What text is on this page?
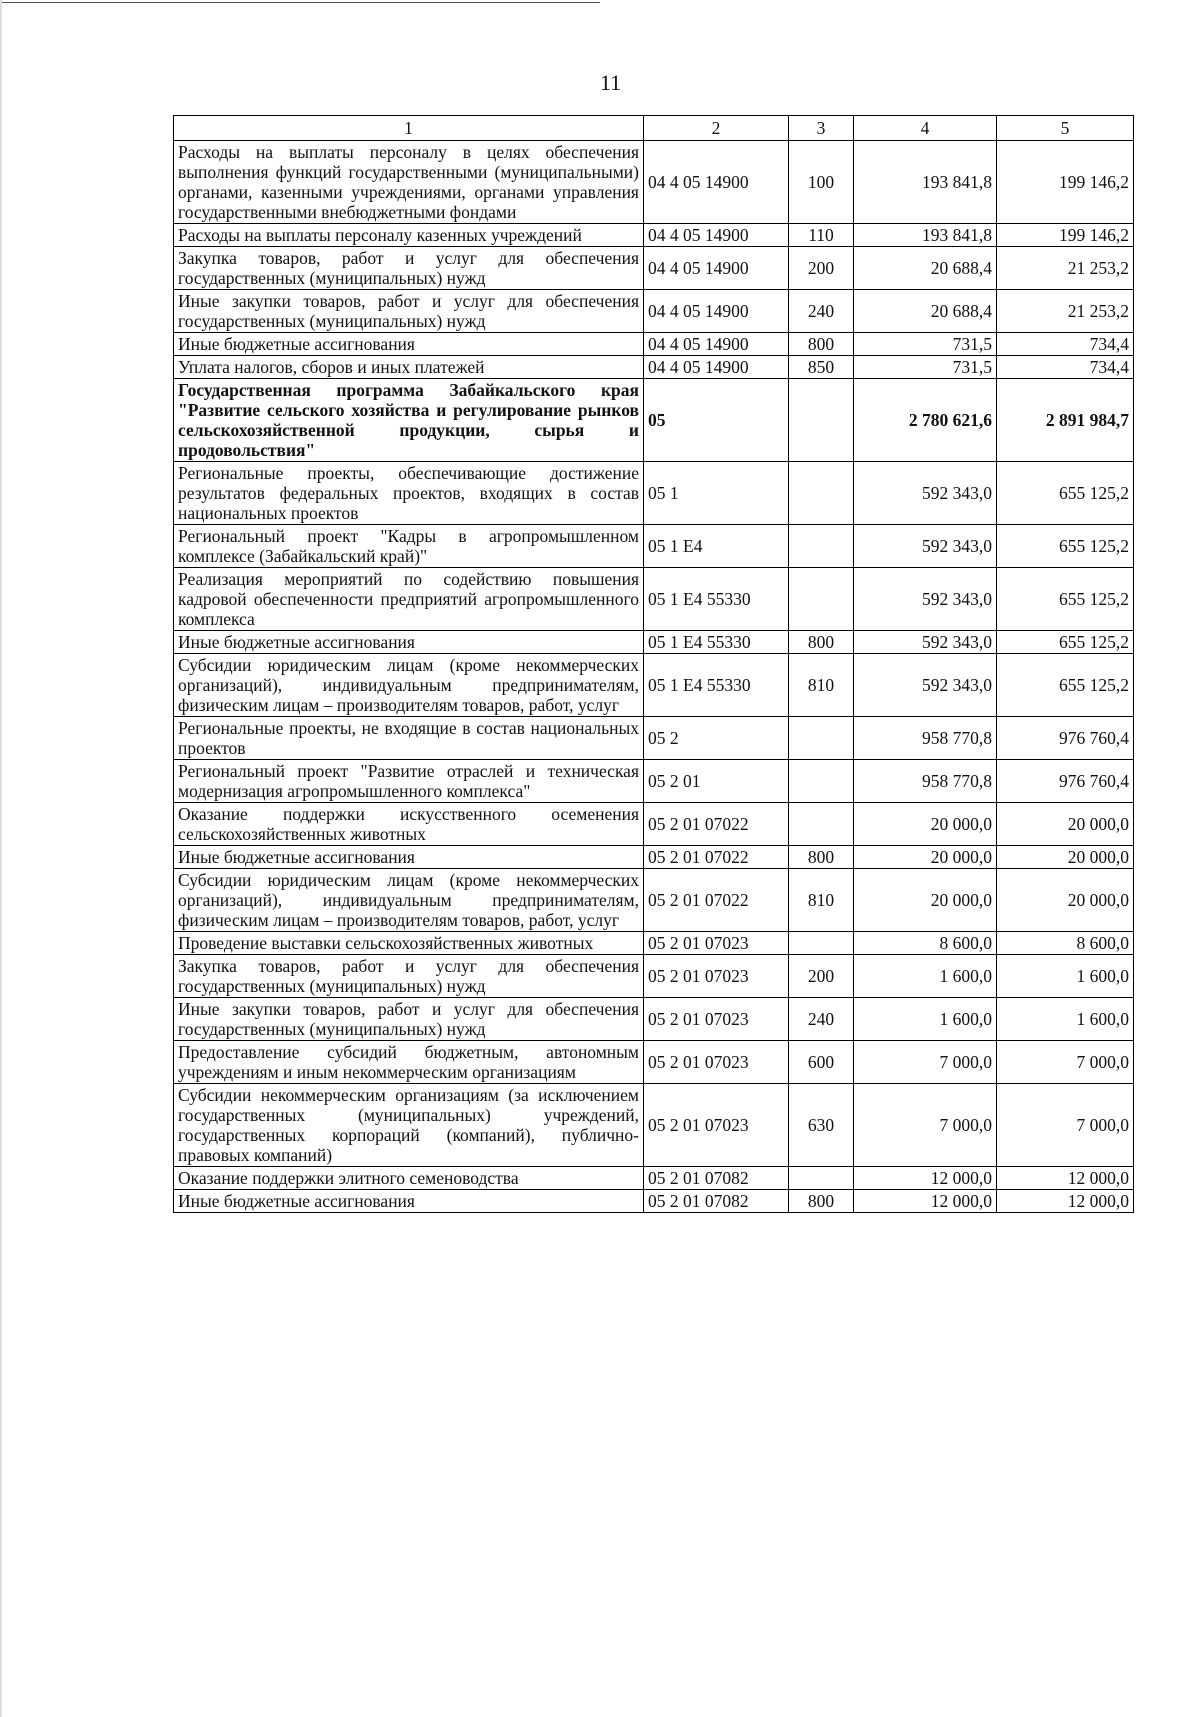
11
1	2	3	4	5
Расходы на выплаты персоналу в целях обеспечения выполнения функций государственными (муниципальными) органами, казенными учреждениями, органами управления государственными внебюджетными фондами	04 4 05 14900	100	193 841,8	199 146,2
Расходы на выплаты персоналу казенных учреждений	04 4 05 14900	110	193 841,8	199 146,2
Закупка товаров, работ и услуг для обеспечения государственных (муниципальных) нужд	04 4 05 14900	200	20 688,4	21 253,2
Иные закупки товаров, работ и услуг для обеспечения государственных (муниципальных) нужд	04 4 05 14900	240	20 688,4	21 253,2
Иные бюджетные ассигнования	04 4 05 14900	800	731,5	734,4
Уплата налогов, сборов и иных платежей	04 4 05 14900	850	731,5	734,4
Государственная программа Забайкальского края "Развитие сельского хозяйства и регулирование рынков сельскохозяйственной продукции, сырья и продовольствия"	05		2 780 621,6	2 891 984,7
Региональные проекты, обеспечивающие достижение результатов федеральных проектов, входящих в состав национальных проектов	05 1		592 343,0	655 125,2
Региональный проект "Кадры в агропромышленном комплексе (Забайкальский край)"	05 1 Е4		592 343,0	655 125,2
Реализация мероприятий по содействию повышения кадровой обеспеченности предприятий агропромышленного комплекса	05 1 Е4 55330		592 343,0	655 125,2
Иные бюджетные ассигнования	05 1 Е4 55330	800	592 343,0	655 125,2
Субсидии юридическим лицам (кроме некоммерческих организаций), индивидуальным предпринимателям, физическим лицам – производителям товаров, работ, услуг	05 1 Е4 55330	810	592 343,0	655 125,2
Региональные проекты, не входящие в состав национальных проектов	05 2		958 770,8	976 760,4
Региональный проект "Развитие отраслей и техническая модернизация агропромышленного комплекса"	05 2 01		958 770,8	976 760,4
Оказание поддержки искусственного осеменения сельскохозяйственных животных	05 2 01 07022		20 000,0	20 000,0
Иные бюджетные ассигнования	05 2 01 07022	800	20 000,0	20 000,0
Субсидии юридическим лицам (кроме некоммерческих организаций), индивидуальным предпринимателям, физическим лицам – производителям товаров, работ, услуг	05 2 01 07022	810	20 000,0	20 000,0
Проведение выставки сельскохозяйственных животных	05 2 01 07023		8 600,0	8 600,0
Закупка товаров, работ и услуг для обеспечения государственных (муниципальных) нужд	05 2 01 07023	200	1 600,0	1 600,0
Иные закупки товаров, работ и услуг для обеспечения государственных (муниципальных) нужд	05 2 01 07023	240	1 600,0	1 600,0
Предоставление субсидий бюджетным, автономным учреждениям и иным некоммерческим организациям	05 2 01 07023	600	7 000,0	7 000,0
Субсидии некоммерческим организациям (за исключением государственных (муниципальных) учреждений, государственных корпораций (компаний), публично-правовых компаний)	05 2 01 07023	630	7 000,0	7 000,0
Оказание поддержки элитного семеноводства	05 2 01 07082		12 000,0	12 000,0
Иные бюджетные ассигнования	05 2 01 07082	800	12 000,0	12 000,0
